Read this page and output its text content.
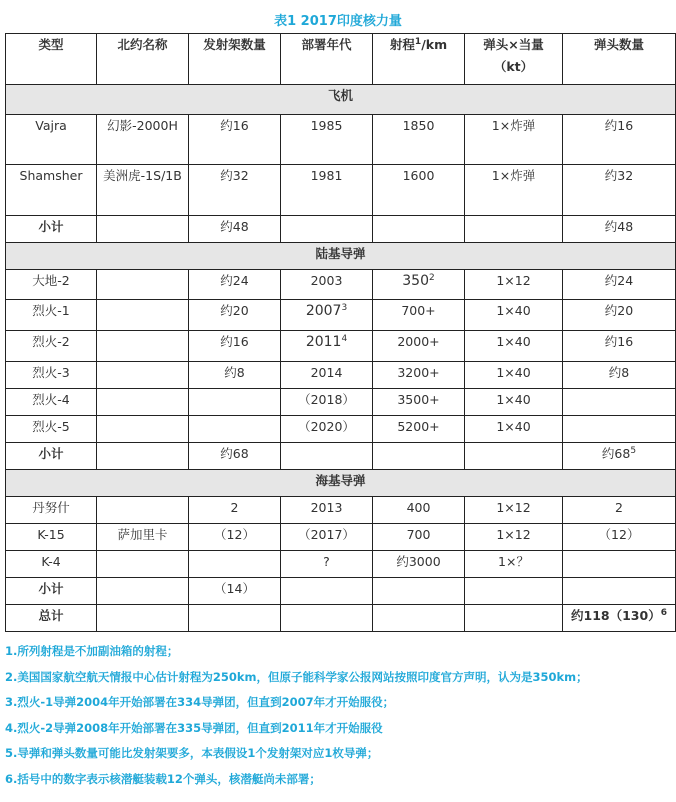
表1 2017印度核力量
类型	北约名称	发射架数量	部署年代	射程$^1$/km	弹头×当量（kt）	弹头数量
飞机						
Vajra	幻影-2000H	约16	1985	1850	1×炸弹	约16
Shamsher	美洲虎-1S/1B	约32	1981	1600	1×炸弹	约32
小计		约48				约48
陆基导弹						
大地-2		约24	2003	$350^2$	1×12	约24
烈火-1		约20	2007$^3$	700+	1×40	约20
烈火-2		约16	2011$^4$	2000+	1×40	约16
烈火-3		约8	2014	3200+	1×40	约8
烈火-4			（2018）	3500+	1×40	
烈火-5			（2020）	5200+	1×40	
小计		约68				约$68^5$
海基导弹						
丹努什		2	2013	400	1×12	2
K-15	萨加里卡	（12）	（2017）	700	1×12	（12）
K-4			?	约3000	1×？	
小计		（14）				
总计						约$118(130)^6$
1.所列射程是不加副油箱的射程；
2.美国国家航空航天情报中心估计射程为250km，但原子能科学家公报网站按照印度官方声明，认为是350km；
3.烈火-1导弹2004年开始部署在334导弹团，但直到2007年才开始服役；
4.烈火-2导弹2008年开始部署在335导弹团，但直到2011年才开始服役
5.导弹和弹头数量可能比发射架要多，本表假设1个发射架对应1枚导弹；
6.括号中的数字表示核潜艇装载12个弹头，核潜艇尚未部署；
